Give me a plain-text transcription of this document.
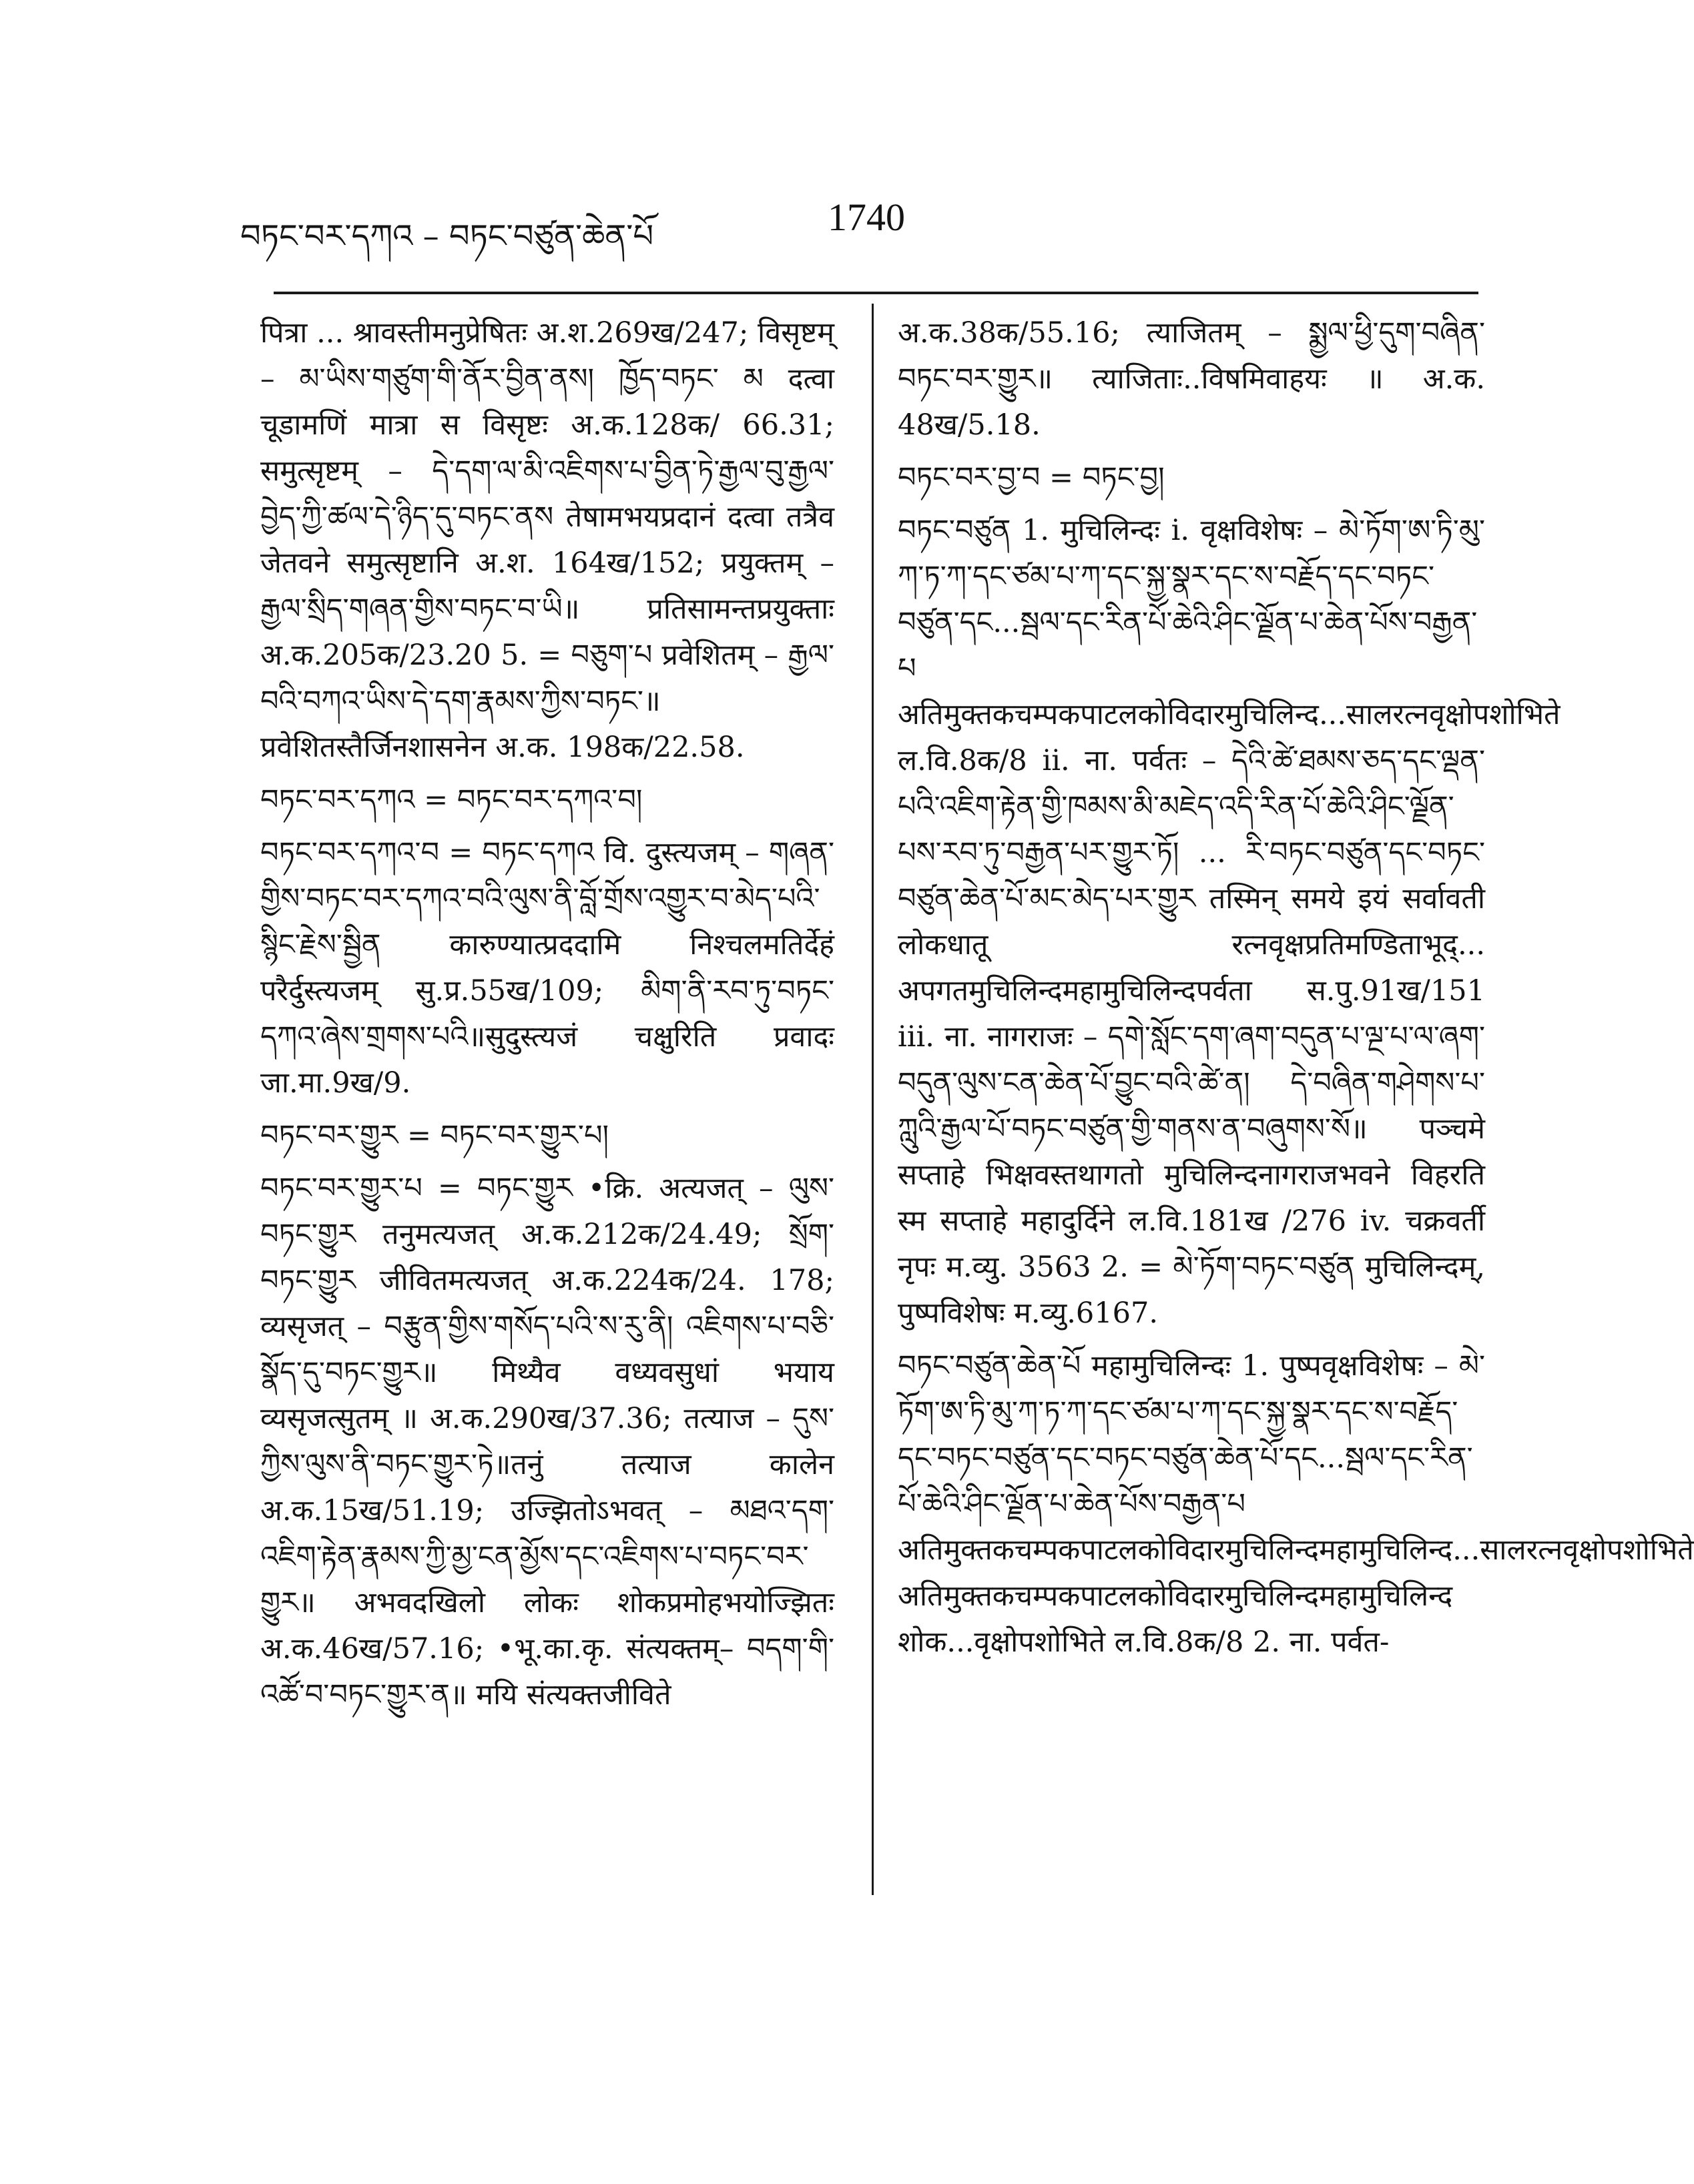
བཏང་བར་དཀའ – བཏང་བཙུན་ཆེན་པོ	1740

पित्रा ... श्रावस्तीमनुप्रेषितः अ.श.269ख/247; विसृष्टम् – མ་ཡིས་གཙུག་གི་ནོར་བྱིན་ནས། ཁྱོད་བཏང་ མ दत्वा चूडामणिं मात्रा स विसृष्टः अ.क.128क/ 66.31; समुत्सृष्टम् – དེ་དག་ལ་མི་འཇིགས་པ་བྱིན་ཏེ་རྒྱལ་བུ་རྒྱལ་བྱེད་ཀྱི་ཚལ་དེ་ཉིད་དུ་བཏང་ནས तेषामभयप्रदानं दत्वा तत्रैव जेतवने समुत्सृष्टानि अ.श. 164ख/152; प्रयुक्तम् – རྒྱལ་སྲིད་གཞན་གྱིས་བཏང་བ་ཡི॥ प्रतिसामन्तप्रयुक्ताः अ.क.205क/23.20 5. = བཅུག་པ प्रवेशितम् – རྒྱལ་བའི་བཀའ་ཡིས་དེ་དག་རྣམས་ཀྱིས་བཏང་॥ प्रवेशितस्तैर्जिनशासनेन अ.क. 198क/22.58.

བཏང་བར་དཀའ = བཏང་བར་དཀའ་བ།

བཏང་བར་དཀའ་བ = བཏང་དཀའ वि. दुस्त्यजम् – གཞན་གྱིས་བཏང་བར་དཀའ་བའི་ལུས་ནི་བློ་གྲོས་འགྱུར་བ་མེད་པའི་སྙིང་རྗེས་སྦྱིན कारुण्यात्प्रददामि निश्चलमतिर्देहं परैर्दुस्त्यजम् सु.प्र.55ख/109; མིག་ནི་རབ་ཏུ་བཏང་དཀའ་ཞེས་གྲགས་པའི॥सुदुस्त्यजं चक्षुरिति प्रवादः जा.मा.9ख/9.

བཏང་བར་གྱུར = བཏང་བར་གྱུར་པ།

བཏང་བར་གྱུར་པ = བཏང་གྱུར •क्रि. अत्यजत् – ལུས་བཏང་གྱུར तनुमत्यजत् अ.क.212क/24.49; སྲོག་བཏང་གྱུར जीवितमत्यजत् अ.क.224क/24. 178; व्यसृजत् – བརྩུན་གྱིས་གསོད་པའི་ས་རུ་ནི། འཇིགས་པ་བཅི་སྣོད་དུ་བཏང་གྱུར॥ मिथ्यैव वध्यवसुधां भयाय व्यसृजत्सुतम् ॥ अ.क.290ख/37.36; तत्याज – དུས་ཀྱིས་ལུས་ནི་བཏང་གྱུར་ཏེ॥तनुं तत्याज कालेन अ.क.15ख/51.19; उज्झितोऽभवत् – མཐའ་དག་འཇིག་རྟེན་རྣམས་ཀྱི་མྱ་ངན་མྱོས་དང་འཇིགས་པ་བཏང་བར་གྱུར॥ अभवदखिलो लोकः शोकप्रमोहभयोज्झितः अ.क.46ख/57.16; •भू.का.कृ. संत्यक्तम्– བདག་གི་འཚོ་བ་བཏང་གྱུར་ན॥ मयि संत्यक्तजीविते

अ.क.38क/55.16; त्याजितम् – སྨྱལ་ཕྱི་དུག་བཞིན་བཏང་བར་གྱུར॥ त्याजिताः..विषमिवाहयः ॥ अ.क. 48ख/5.18.

བཏང་བར་བྱ་བ = བཏང་བྱ།

བཏང་བཙུན 1. मुचिलिन्दः i. वृक्षविशेषः – མེ་ཏོག་ཨ་ཏི་མུ་ཀ་ཏ་ཀ་དང་ཙམ་པ་ཀ་དང་སྐྱ་སྣར་དང་ས་བརྗོད་དང་བཏང་བཙུན་དང...སྦལ་དང་རིན་པོ་ཆེའི་ཤིང་ལྗོན་པ་ཆེན་པོས་བརྒྱན་པ अतिमुक्तकचम्पकपाटलकोविदारमुचिलिन्द...सालरत्नवृक्षोपशोभिते ल.वि.8क/8 ii. ना. पर्वतः – དེའི་ཚེ་ཐམས་ཅད་དང་ལྡན་པའི་འཇིག་རྟེན་གྱི་ཁམས་མི་མཇེད་འདི་རིན་པོ་ཆེའི་ཤིང་ལྗོན་པས་རབ་ཏུ་བརྒྱན་པར་གྱུར་ཏོ། ... རི་བཏང་བཙུན་དང་བཏང་བཙུན་ཆེན་པོ་མང་མེད་པར་གྱུར तस्मिन् समये इयं सर्वावती लोकधातू रत्नवृक्षप्रतिमण्डिताभूद्... अपगतमुचिलिन्दमहामुचिलिन्दपर्वता स.पु.91ख/151 iii. ना. नागराजः – དགེ་སློང་དག་ཞག་བདུན་པ་ལྔ་པ་ལ་ཞག་བདུན་ལུས་ངན་ཆེན་པོ་བྱུང་བའི་ཚེ་ན། དེ་བཞིན་གཤེགས་པ་ཀླུའི་རྒྱལ་པོ་བཏང་བཙུན་གྱི་གནས་ན་བཞུགས་སོ॥ पञ्चमे सप्ताहे भिक्षवस्तथागतो मुचिलिन्दनागराजभवने विहरति स्म सप्ताहे महादुर्दिने ल.वि.181ख /276 iv. चक्रवर्ती नृपः म.व्यु. 3563 2. = མེ་ཏོག་བཏང་བཙུན मुचिलिन्दम्, पुष्पविशेषः म.व्यु.6167.

བཏང་བཙུན་ཆེན་པོ महामुचिलिन्दः 1. पुष्पवृक्षविशेषः – མེ་ཏོག་ཨ་ཏི་མུ་ཀ་ཏ་ཀ་དང་ཙམ་པ་ཀ་དང་སྐྱ་སྣར་དང་ས་བརྗོད་དང་བཏང་བཙུན་དང་བཏང་བཙུན་ཆེན་པོ་དང...སྦལ་དང་རིན་པོ་ཆེའི་ཤིང་ལྗོན་པ་ཆེན་པོས་བརྒྱན་པ अतिमुक्तकचम्पकपाटलकोविदारमुचिलिन्दमहामुचिलिन्द...सालरत्नवृक्षोपशोभिते अतिमुक्तकचम्पकपाटलकोविदारमुचिलिन्दमहामुचिलिन्द शोक...वृक्षोपशोभिते ल.वि.8क/8 2. ना. पर्वत-
